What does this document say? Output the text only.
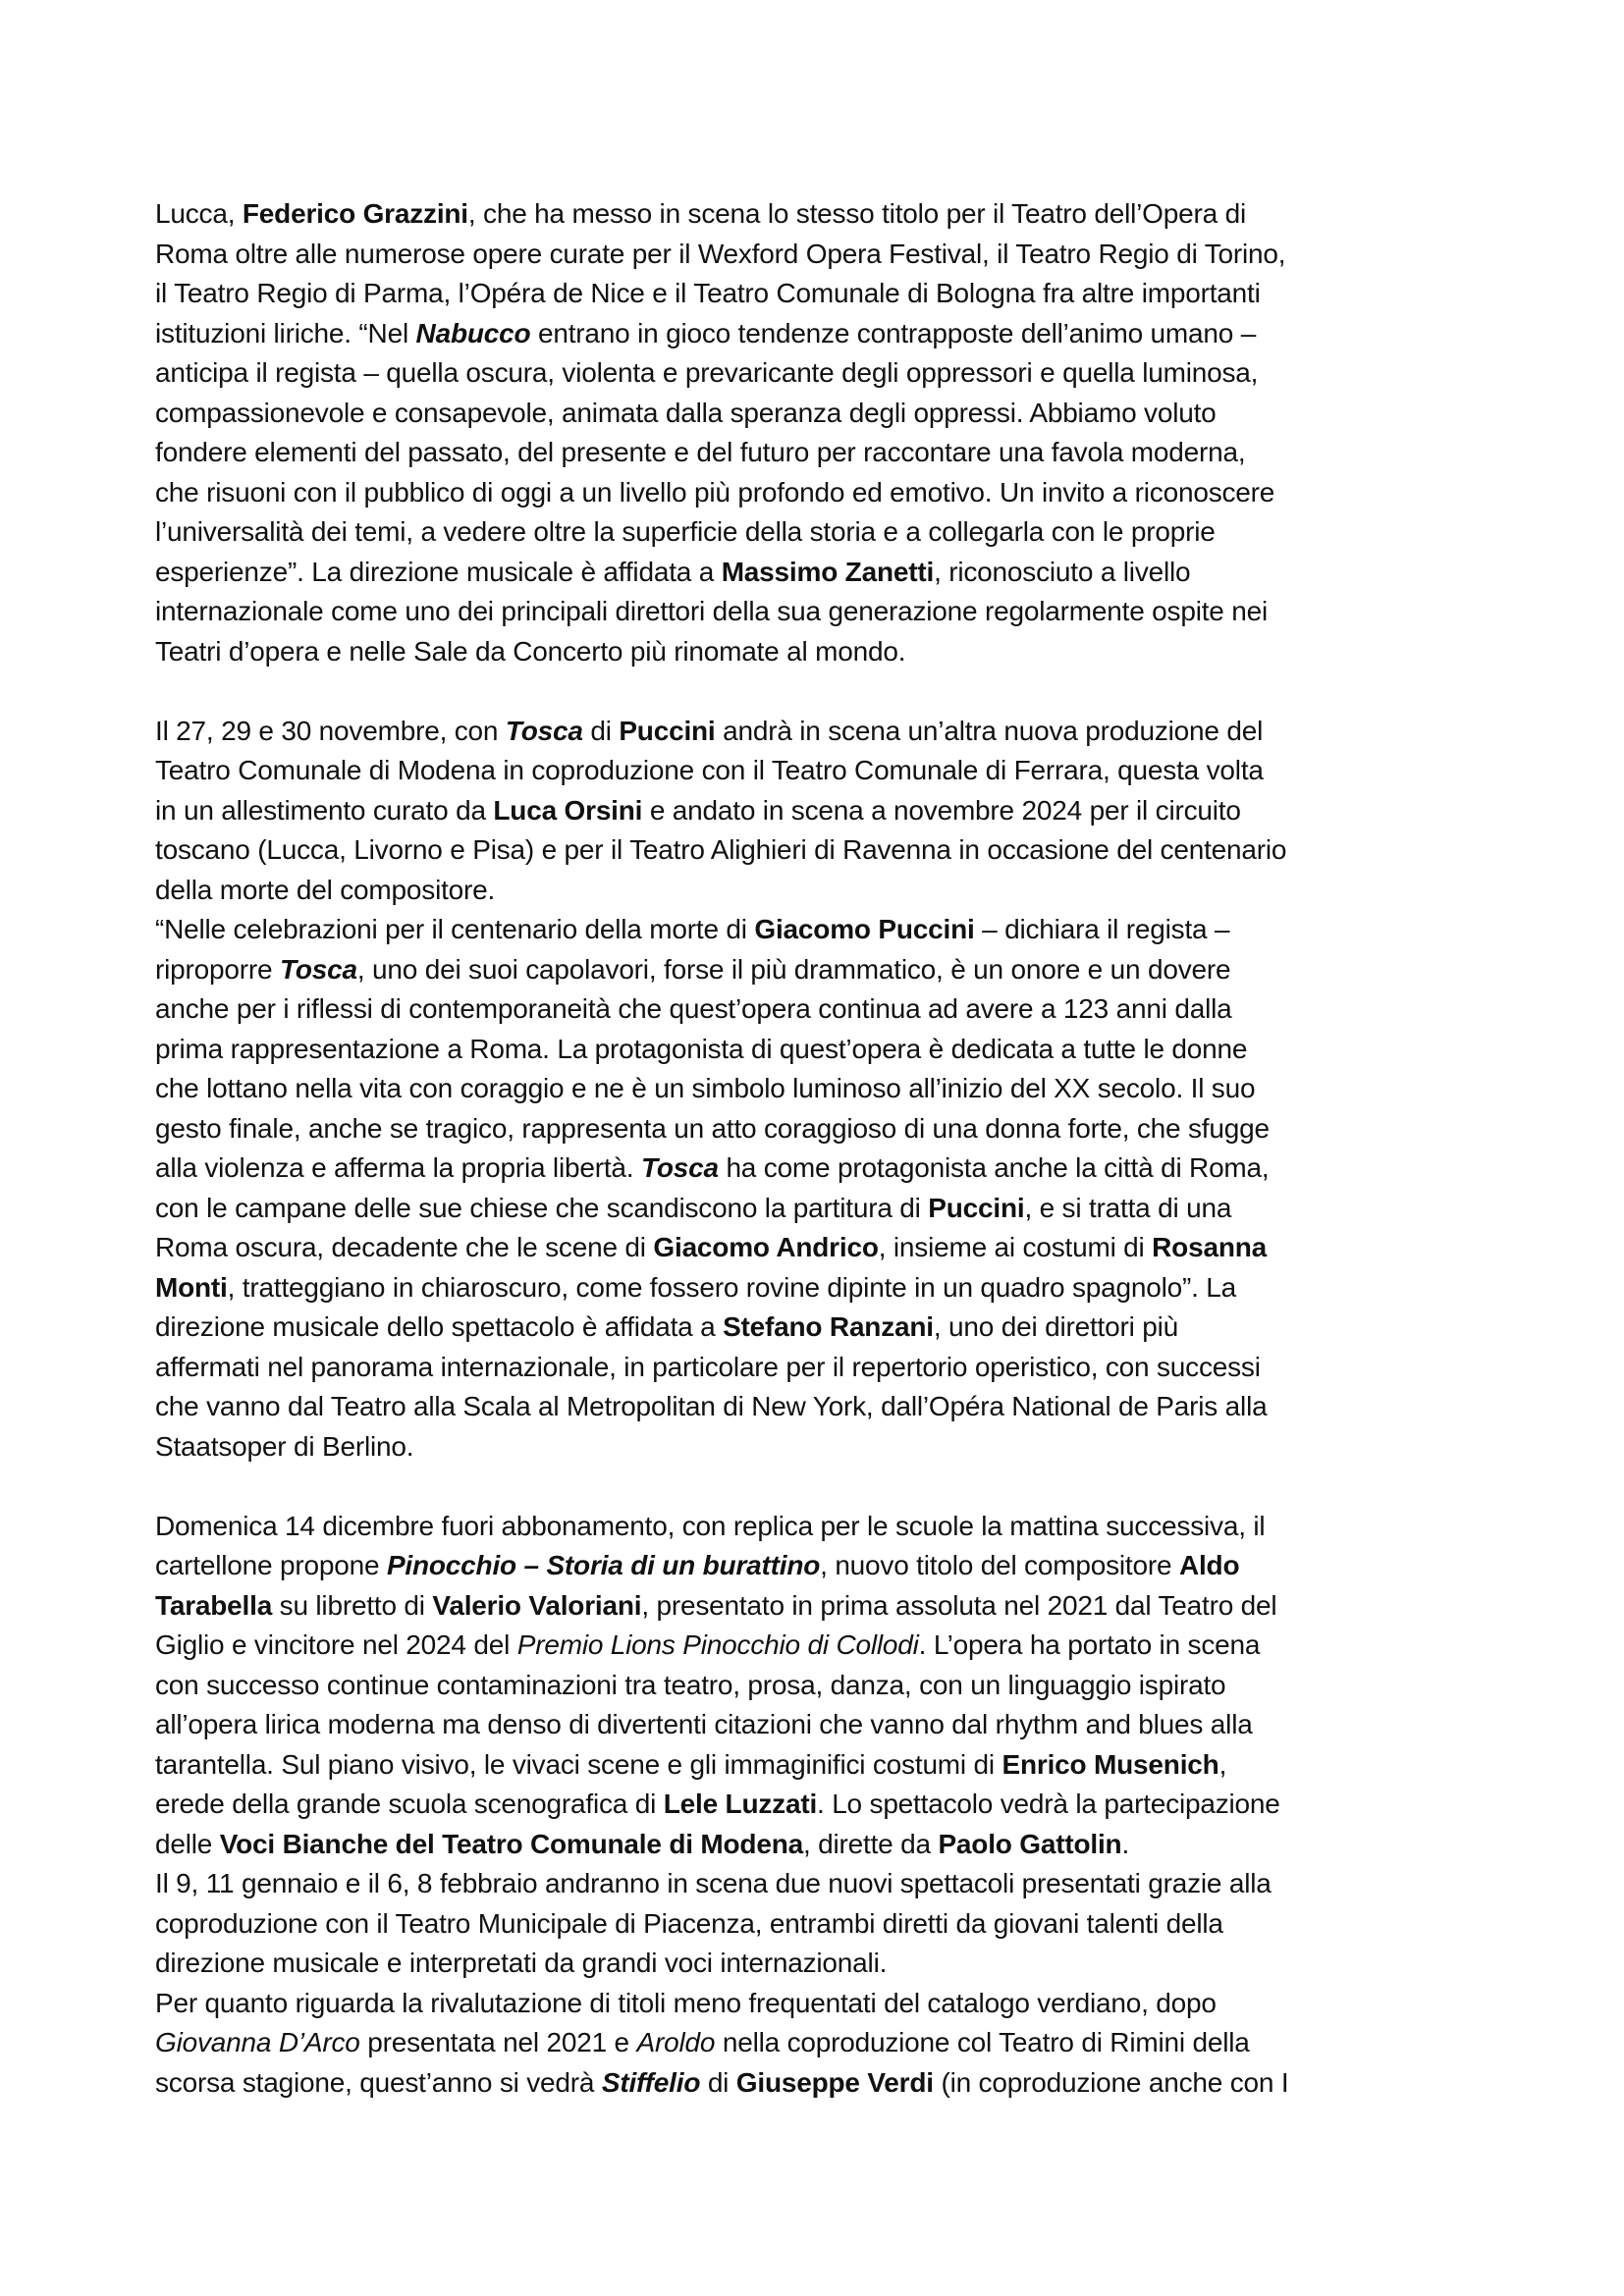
Lucca, Federico Grazzini, che ha messo in scena lo stesso titolo per il Teatro dell’Opera di
Roma oltre alle numerose opere curate per il Wexford Opera Festival, il Teatro Regio di Torino,
il Teatro Regio di Parma, l’Opéra de Nice e il Teatro Comunale di Bologna fra altre importanti
istituzioni liriche. “Nel Nabucco entrano in gioco tendenze contrapposte dell’animo umano –
anticipa il regista – quella oscura, violenta e prevaricante degli oppressori e quella luminosa,
compassionevole e consapevole, animata dalla speranza degli oppressi. Abbiamo voluto
fondere elementi del passato, del presente e del futuro per raccontare una favola moderna,
che risuoni con il pubblico di oggi a un livello più profondo ed emotivo. Un invito a riconoscere
l’universalità dei temi, a vedere oltre la superficie della storia e a collegarla con le proprie
esperienze”. La direzione musicale è affidata a Massimo Zanetti, riconosciuto a livello
internazionale come uno dei principali direttori della sua generazione regolarmente ospite nei
Teatri d’opera e nelle Sale da Concerto più rinomate al mondo.
Il 27, 29 e 30 novembre, con Tosca di Puccini andrà in scena un’altra nuova produzione del
Teatro Comunale di Modena in coproduzione con il Teatro Comunale di Ferrara, questa volta
in un allestimento curato da Luca Orsini e andato in scena a novembre 2024 per il circuito
toscano (Lucca, Livorno e Pisa) e per il Teatro Alighieri di Ravenna in occasione del centenario
della morte del compositore.
“Nelle celebrazioni per il centenario della morte di Giacomo Puccini – dichiara il regista –
riproporre Tosca, uno dei suoi capolavori, forse il più drammatico, è un onore e un dovere
anche per i riflessi di contemporaneità che quest’opera continua ad avere a 123 anni dalla
prima rappresentazione a Roma. La protagonista di quest’opera è dedicata a tutte le donne
che lottano nella vita con coraggio e ne è un simbolo luminoso all’inizio del XX secolo. Il suo
gesto finale, anche se tragico, rappresenta un atto coraggioso di una donna forte, che sfugge
alla violenza e afferma la propria libertà. Tosca ha come protagonista anche la città di Roma,
con le campane delle sue chiese che scandiscono la partitura di Puccini, e si tratta di una
Roma oscura, decadente che le scene di Giacomo Andrico, insieme ai costumi di Rosanna
Monti, tratteggiano in chiaroscuro, come fossero rovine dipinte in un quadro spagnolo”. La
direzione musicale dello spettacolo è affidata a Stefano Ranzani, uno dei direttori più
affermati nel panorama internazionale, in particolare per il repertorio operistico, con successi
che vanno dal Teatro alla Scala al Metropolitan di New York, dall’Opéra National de Paris alla
Staatsoper di Berlino.
Domenica 14 dicembre fuori abbonamento, con replica per le scuole la mattina successiva, il
cartellone propone Pinocchio – Storia di un burattino, nuovo titolo del compositore Aldo
Tarabella su libretto di Valerio Valoriani, presentato in prima assoluta nel 2021 dal Teatro del
Giglio e vincitore nel 2024 del Premio Lions Pinocchio di Collodi. L’opera ha portato in scena
con successo continue contaminazioni tra teatro, prosa, danza, con un linguaggio ispirato
all’opera lirica moderna ma denso di divertenti citazioni che vanno dal rhythm and blues alla
tarantella. Sul piano visivo, le vivaci scene e gli immaginifici costumi di Enrico Musenich,
erede della grande scuola scenografica di Lele Luzzati. Lo spettacolo vedrà la partecipazione
delle Voci Bianche del Teatro Comunale di Modena, dirette da Paolo Gattolin.
Il 9, 11 gennaio e il 6, 8 febbraio andranno in scena due nuovi spettacoli presentati grazie alla
coproduzione con il Teatro Municipale di Piacenza, entrambi diretti da giovani talenti della
direzione musicale e interpretati da grandi voci internazionali.
Per quanto riguarda la rivalutazione di titoli meno frequentati del catalogo verdiano, dopo
Giovanna D’Arco presentata nel 2021 e Aroldo nella coproduzione col Teatro di Rimini della
scorsa stagione, quest’anno si vedrà Stiffelio di Giuseppe Verdi (in coproduzione anche con I
